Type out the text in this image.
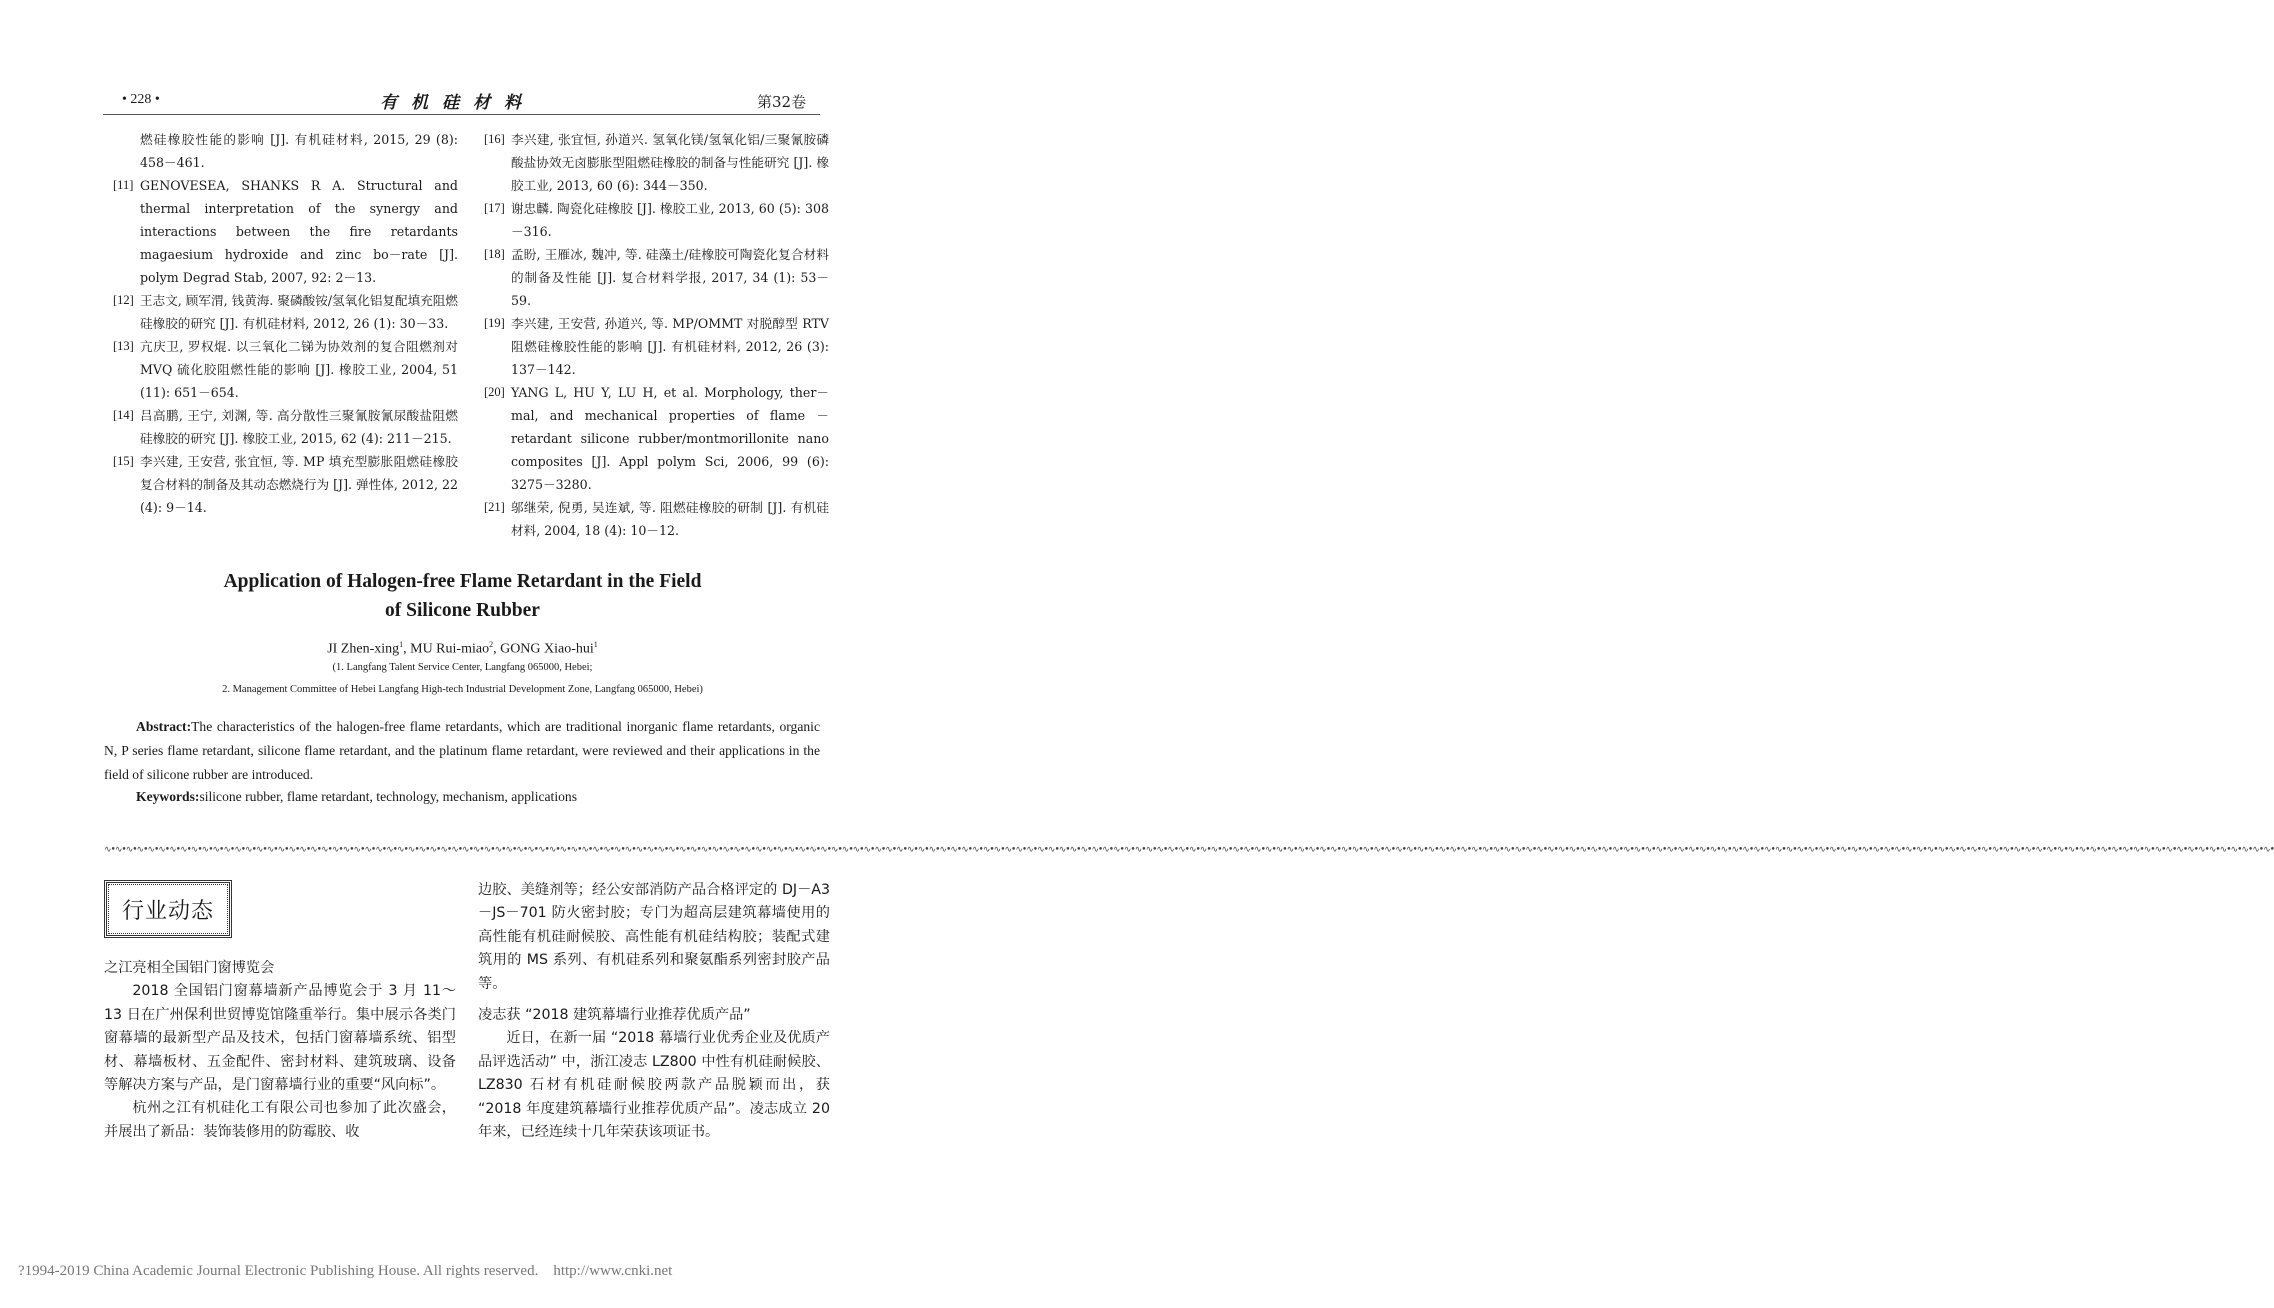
• 228 •	有机硅材料	第32卷
燃硅橡胶性能的影响 [J]. 有机硅材料, 2015, 29 (8): 458－461.
[11] GENOVESEA, SHANKS R A. Structural and thermal interpretation of the synergy and interactions between the fire retardants magaesium hydroxide and zinc bo－rate [J]. polym Degrad Stab, 2007, 92: 2－13.
[12] 王志文, 顾军渭, 钱黄海. 聚磷酸铵/氢氧化铝复配填充阻燃硅橡胶的研究 [J]. 有机硅材料, 2012, 26 (1): 30－33.
[13] 亢庆卫, 罗权焜. 以三氧化二锑为协效剂的复合阻燃剂对 MVQ 硫化胶阻燃性能的影响 [J]. 橡胶工业, 2004, 51 (11): 651－654.
[14] 吕高鹏, 王宁, 刘渊, 等. 高分散性三聚氰胺氰尿酸盐阻燃硅橡胶的研究 [J]. 橡胶工业, 2015, 62 (4): 211－215.
[15] 李兴建, 王安营, 张宜恒, 等. MP 填充型膨胀阻燃硅橡胶复合材料的制备及其动态燃烧行为 [J]. 弹性体, 2012, 22 (4): 9－14.
[16] 李兴建, 张宜恒, 孙道兴. 氢氧化镁/氢氧化铝/三聚氰胺磷酸盐协效无卤膨胀型阻燃硅橡胶的制备与性能研究 [J]. 橡胶工业, 2013, 60 (6): 344－350.
[17] 谢忠麟. 陶瓷化硅橡胶 [J]. 橡胶工业, 2013, 60 (5): 308－316.
[18] 孟盼, 王雁冰, 魏冲, 等. 硅藻土/硅橡胶可陶瓷化复合材料的制备及性能 [J]. 复合材料学报, 2017, 34 (1): 53－59.
[19] 李兴建, 王安营, 孙道兴, 等. MP/OMMT 对脱醇型 RTV 阻燃硅橡胶性能的影响 [J]. 有机硅材料, 2012, 26 (3): 137－142.
[20] YANG L, HU Y, LU H, et al. Morphology, ther－mal, and mechanical properties of flame － retardant silicone rubber/montmorillonite nano composites [J]. Appl polym Sci, 2006, 99 (6): 3275－3280.
[21] 邬继荣, 倪勇, 吴连斌, 等. 阻燃硅橡胶的研制 [J]. 有机硅材料, 2004, 18 (4): 10－12.
Application of Halogen-free Flame Retardant in the Field
of Silicone Rubber
JI Zhen-xing$^1$, MU Rui-miao$^2$, GONG Xiao-hui$^1$
(1. Langfang Talent Service Center, Langfang 065000, Hebei;
2. Management Committee of Hebei Langfang High-tech Industrial Development Zone, Langfang 065000, Hebei)
Abstract:The characteristics of the halogen-free flame retardants, which are traditional inorganic flame retardants, organic N, P series flame retardant, silicone flame retardant, and the platinum flame retardant, were reviewed and their applications in the field of silicone rubber are introduced.
Keywords:silicone rubber, flame retardant, technology, mechanism, applications
∿•∿•∿•∿•∿•∿•∿•∿•∿•∿•∿•∿•∿•∿•∿•∿•∿•∿•∿•∿•∿•∿•∿•∿•∿•∿•∿•∿•∿•∿•∿•∿•∿•∿•∿•∿•∿•∿•∿•∿•∿•∿•∿•∿•∿•∿•∿•∿•∿•∿•∿•∿•∿•∿•∿•∿•∿•∿•∿•∿•∿•∿•∿•∿•∿•∿•∿•∿•∿•∿•∿•∿•∿•∿•∿•∿•∿•∿•∿•∿•∿•∿•∿•∿•∿•∿•∿•∿•∿•∿•∿•∿•∿•∿•∿•∿•∿•∿•∿•∿•∿•∿•∿•∿•∿•∿•∿•∿•∿•∿•∿•∿•∿•∿•∿•∿•∿•∿•∿•∿•∿•∿•∿•∿•∿•∿•∿•∿•∿•∿•∿•∿•∿•∿•∿•∿•∿•∿•∿•∿•∿•∿•∿•∿•∿•∿•∿•∿•∿•∿•∿•∿•∿•∿•∿•∿•∿•∿•∿•∿•∿•∿•∿•∿•∿•∿•∿•∿•∿•∿•∿•∿•∿•∿•∿•∿•∿•∿•∿•∿•∿•∿•∿•∿•∿•∿•∿•∿•∿•∿•∿•∿•∿•∿•∿•∿•∿•∿•∿•∿•
行业动态
之江亮相全国铝门窗博览会
2018 全国铝门窗幕墙新产品博览会于 3 月 11～13 日在广州保利世贸博览馆隆重举行。集中展示各类门窗幕墙的最新型产品及技术，包括门窗幕墙系统、铝型材、幕墙板材、五金配件、密封材料、建筑玻璃、设备等解决方案与产品，是门窗幕墙行业的重要“风向标”。
杭州之江有机硅化工有限公司也参加了此次盛会，并展出了新品：装饰装修用的防霉胶、收
边胶、美缝剂等；经公安部消防产品合格评定的 DJ－A3－JS－701 防火密封胶；专门为超高层建筑幕墙使用的高性能有机硅耐候胶、高性能有机硅结构胶；装配式建筑用的 MS 系列、有机硅系列和聚氨酯系列密封胶产品等。
凌志获 “2018 建筑幕墙行业推荐优质产品”
近日，在新一届 “2018 幕墙行业优秀企业及优质产品评选活动” 中，浙江凌志 LZ800 中性有机硅耐候胶、LZ830 石材有机硅耐候胶两款产品脱颖而出，获 “2018 年度建筑幕墙行业推荐优质产品”。凌志成立 20 年来，已经连续十几年荣获该项证书。
?1994-2019 China Academic Journal Electronic Publishing House. All rights reserved. http://www.cnki.net
